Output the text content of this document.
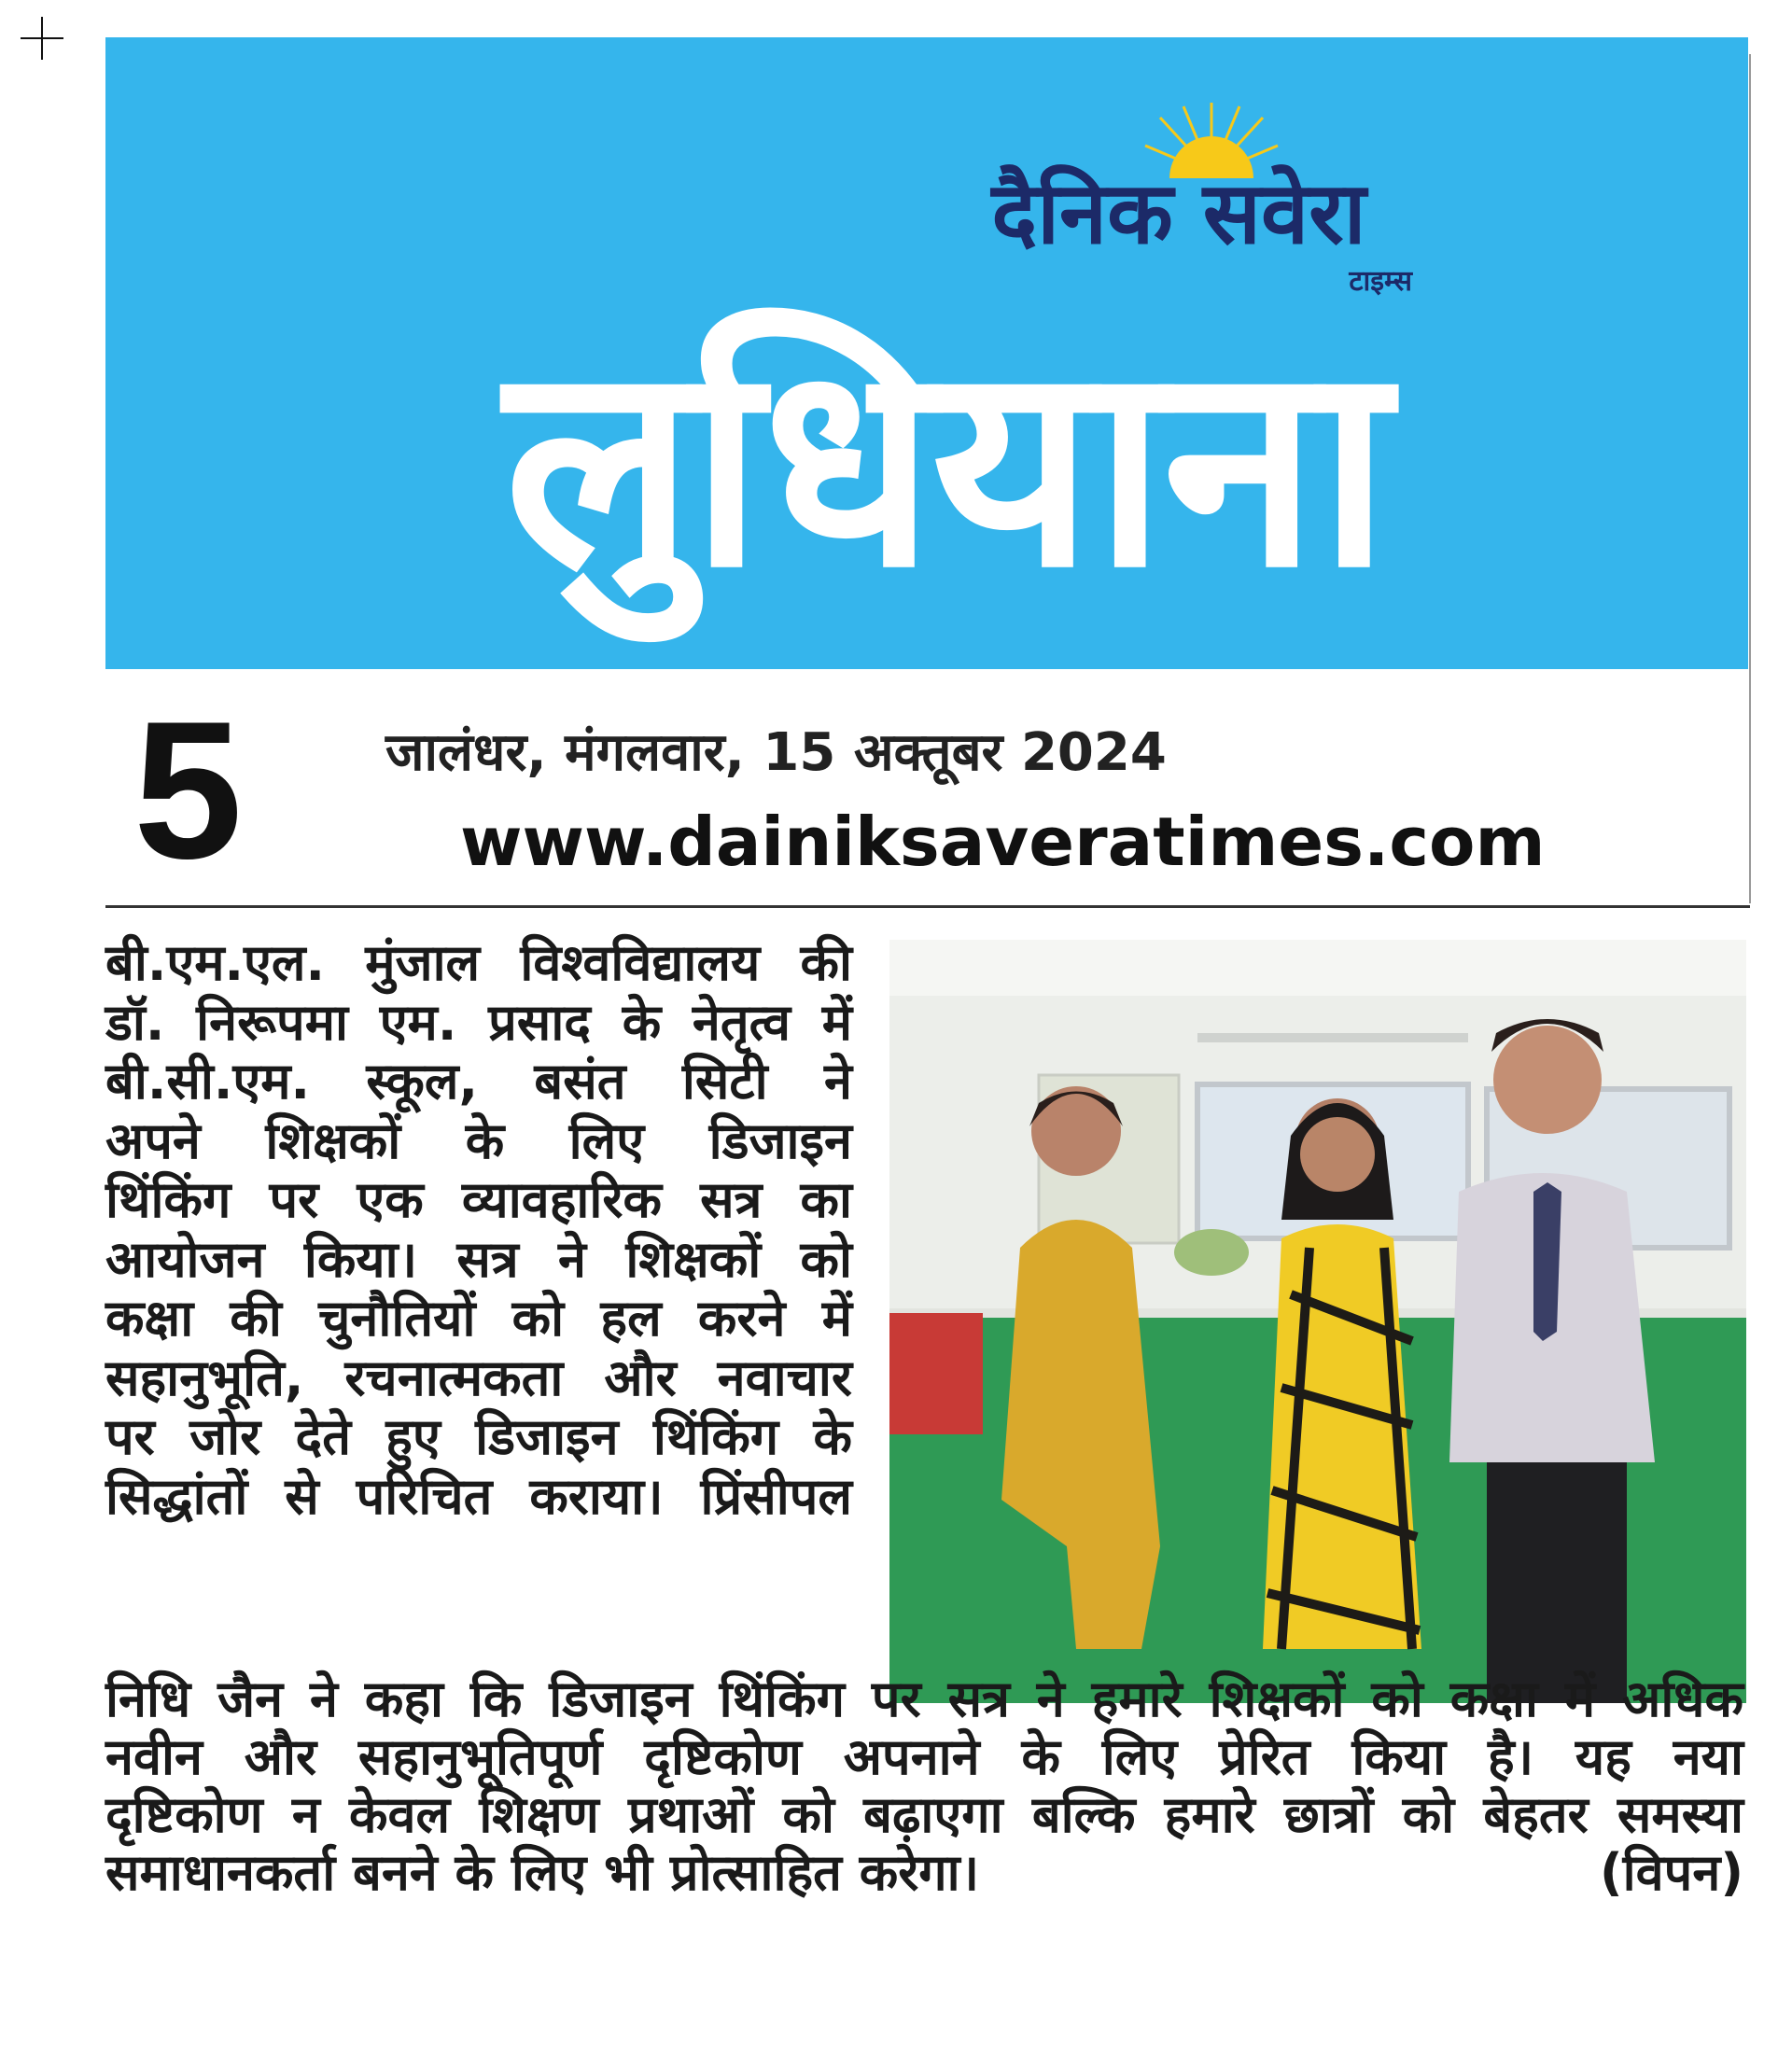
दैनिक सवेरा
टाइम्स
लुधियाना
5	जालंधर, मंगलवार, 15 अक्तूबर 2024
www.dainiksaveratimes.com
बी.एम.एल. मुंजाल विश्वविद्यालय की
डॉ. निरूपमा एम. प्रसाद के नेतृत्व में
बी.सी.एम. स्कूल, बसंत सिटी ने
अपने शिक्षकों के लिए डिजाइन
थिंकिंग पर एक व्यावहारिक सत्र का
आयोजन किया। सत्र ने शिक्षकों को
कक्षा की चुनौतियों को हल करने में
सहानुभूति, रचनात्मकता और नवाचार
पर जोर देते हुए डिजाइन थिंकिंग के
सिद्धांतों से परिचित कराया। प्रिंसीपल
निधि जैन ने कहा कि डिजाइन थिंकिंग पर सत्र ने हमारे शिक्षकों को कक्षा में अधिक
नवीन और सहानुभूतिपूर्ण दृष्टिकोण अपनाने के लिए प्रेरित किया है। यह नया
दृष्टिकोण न केवल शिक्षण प्रथाओं को बढ़ाएगा बल्कि हमारे छात्रों को बेहतर समस्या
समाधानकर्ता बनने के लिए भी प्रोत्साहित करेगा।	(विपन)
